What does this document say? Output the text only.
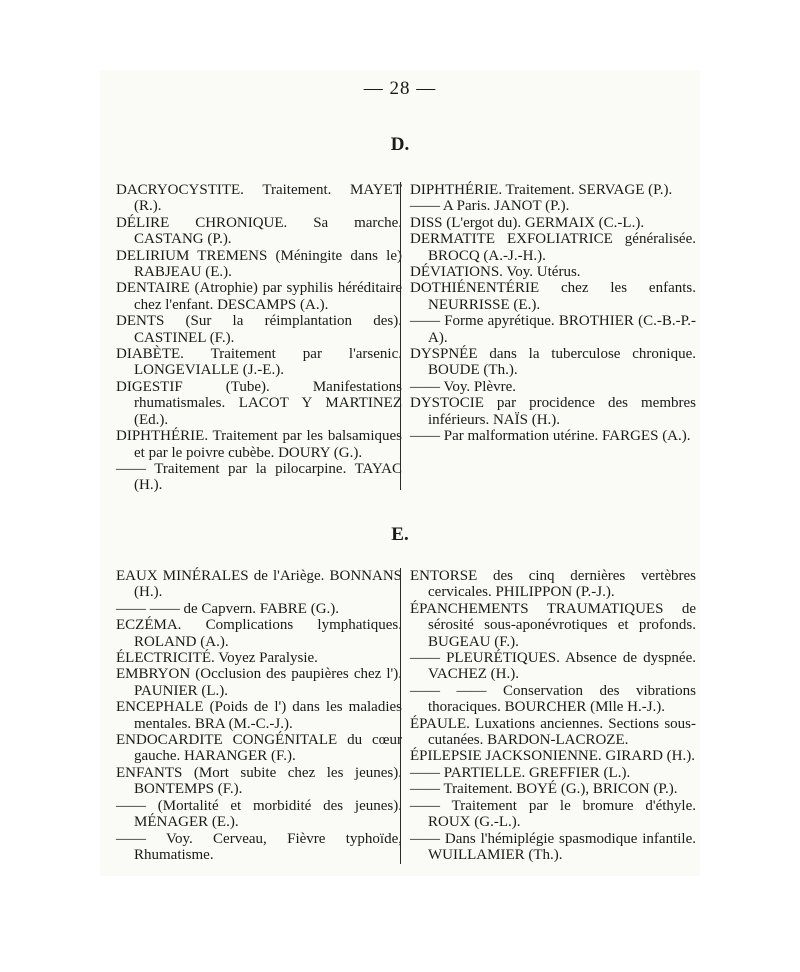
— 28 —
D.

DACRYOCYSTITE. Traitement. MAYET (R.).

DÉLIRE CHRONIQUE. Sa marche. CASTANG (P.).

DELIRIUM TREMENS (Méningite dans le) RABJEAU (E.).

DENTAIRE (Atrophie) par syphilis héréditaire chez l'enfant. DESCAMPS (A.).

DENTS (Sur la réimplantation des). CASTINEL (F.).

DIABÈTE. Traitement par l'arsenic. LONGEVIALLE (J.-E.).

DIGESTIF (Tube). Manifestations rhumatismales. LACOT Y MARTINEZ (Ed.).

DIPHTHÉRIE. Traitement par les balsamiques et par le poivre cubèbe. DOURY (G.).

—— Traitement par la pilocarpine. TAYAC (H.).

DIPHTHÉRIE. Traitement. SERVAGE (P.).

—— A Paris. JANOT (P.).

DISS (L'ergot du). GERMAIX (C.-L.).

DERMATITE EXFOLIATRICE généralisée. BROCQ (A.-J.-H.).

DÉVIATIONS. Voy. Utérus.

DOTHIÉNENTÉRIE chez les enfants. NEURRISSE (E.).

—— Forme apyrétique. BROTHIER (C.-B.-P.-A).

DYSPNÉE dans la tuberculose chronique. BOUDE (Th.).

—— Voy. Plèvre.

DYSTOCIE par procidence des membres inférieurs. NAÏS (H.).

—— Par malformation utérine. FARGES (A.).

E.

EAUX MINÉRALES de l'Ariège. BONNANS (H.).

—— —— de Capvern. FABRE (G.).

ECZÉMA. Complications lymphatiques. ROLAND (A.).

ÉLECTRICITÉ. Voyez Paralysie.

EMBRYON (Occlusion des paupières chez l'). PAUNIER (L.).

ENCEPHALE (Poids de l') dans les maladies mentales. BRA (M.-C.-J.).

ENDOCARDITE CONGÉNITALE du cœur gauche. HARANGER (F.).

ENFANTS (Mort subite chez les jeunes). BONTEMPS (F.).

—— (Mortalité et morbidité des jeunes). MÉNAGER (E.).

—— Voy. Cerveau, Fièvre typhoïde, Rhumatisme.

ENTORSE des cinq dernières vertèbres cervicales. PHILIPPON (P.-J.).

ÉPANCHEMENTS TRAUMATIQUES de sérosité sous-aponévrotiques et profonds. BUGEAU (F.).

—— PLEURÉTIQUES. Absence de dyspnée. VACHEZ (H.).

—— —— Conservation des vibrations thoraciques. BOURCHER (Mlle H.-J.).

ÉPAULE. Luxations anciennes. Sections sous-cutanées. BARDON-LACROZE.

ÉPILEPSIE JACKSONIENNE. GIRARD (H.).

—— PARTIELLE. GREFFIER (L.).

—— Traitement. BOYÉ (G.), BRICON (P.).

—— Traitement par le bromure d'éthyle. ROUX (G.-L.).

—— Dans l'hémiplégie spasmodique infantile. WUILLAMIER (Th.).
